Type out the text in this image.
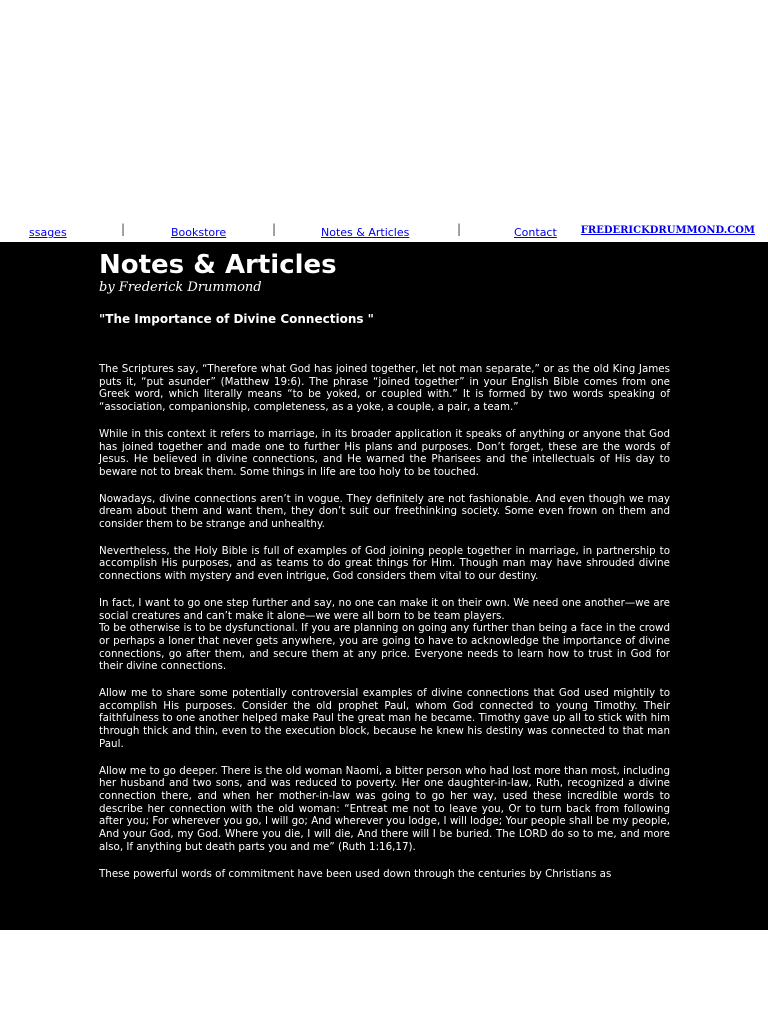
ssages	|	Bookstore	|	Notes & Articles	|	Contact FREDERICKDRUMMOND.COM
Notes & Articles

by Frederick Drummond

"The Importance of Divine Connections "

The Scriptures say, “Therefore what God has joined together, let not man separate,” or as the old King James puts it, “put asunder” (Matthew 19:6). The phrase “joined together” in your English Bible comes from one Greek word, which literally means “to be yoked, or coupled with.” It is formed by two words speaking of “association, companionship, completeness, as a yoke, a couple, a pair, a team.”

While in this context it refers to marriage, in its broader application it speaks of anything or anyone that God has joined together and made one to further His plans and purposes. Don’t forget, these are the words of Jesus. He believed in divine connections, and He warned the Pharisees and the intellectuals of His day to beware not to break them. Some things in life are too holy to be touched.

Nowadays, divine connections aren’t in vogue. They definitely are not fashionable. And even though we may dream about them and want them, they don’t suit our freethinking society. Some even frown on them and consider them to be strange and unhealthy.

Nevertheless, the Holy Bible is full of examples of God joining people together in marriage, in partnership to accomplish His purposes, and as teams to do great things for Him. Though man may have shrouded divine connections with mystery and even intrigue, God considers them vital to our destiny.

In fact, I want to go one step further and say, no one can make it on their own. We need one another—we are social creatures and can’t make it alone—we were all born to be team players.
To be otherwise is to be dysfunctional. If you are planning on going any further than being a face in the crowd or perhaps a loner that never gets anywhere, you are going to have to acknowledge the importance of divine connections, go after them, and secure them at any price. Everyone needs to learn how to trust in God for their divine connections.

Allow me to share some potentially controversial examples of divine connections that God used mightily to accomplish His purposes. Consider the old prophet Paul, whom God connected to young Timothy. Their faithfulness to one another helped make Paul the great man he became. Timothy gave up all to stick with him through thick and thin, even to the execution block, because he knew his destiny was connected to that man Paul.

Allow me to go deeper. There is the old woman Naomi, a bitter person who had lost more than most, including her husband and two sons, and was reduced to poverty. Her one daughter-in-law, Ruth, recognized a divine connection there, and when her mother-in-law was going to go her way, used these incredible words to describe her connection with the old woman: “Entreat me not to leave you, Or to turn back from following after you; For wherever you go, I will go; And wherever you lodge, I will lodge; Your people shall be my people, And your God, my God. Where you die, I will die, And there will I be buried. The LORD do so to me, and more also, If anything but death parts you and me” (Ruth 1:16,17).

These powerful words of commitment have been used down through the centuries by Christians as
